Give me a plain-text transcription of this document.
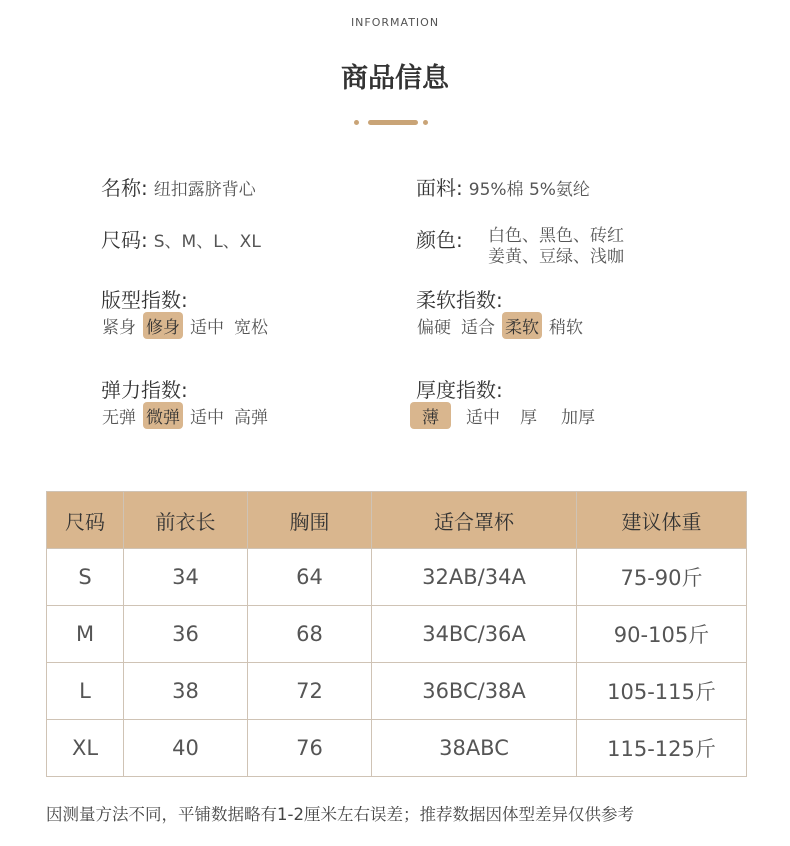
INFORMATION
商品信息
名称: 纽扣露脐背心	面料: 95%棉 5%氨纶
尺码: S、M、L、XL	颜色: 白色、黑色、砖红
姜黄、豆绿、浅咖
版型指数:
紧身 修身 适中 宽松
柔软指数:
偏硬 适合 柔软 稍软
弹力指数:
无弹 微弹 适中 高弹
厚度指数:
薄 适中 厚 加厚
尺码	前衣长	胸围	适合罩杯	建议体重
S	34	64	32AB/34A	75-90斤
M	36	68	34BC/36A	90-105斤
L	38	72	36BC/38A	105-115斤
XL	40	76	38ABC	115-125斤
因测量方法不同，平铺数据略有1-2厘米左右误差；推荐数据因体型差异仅供参考
